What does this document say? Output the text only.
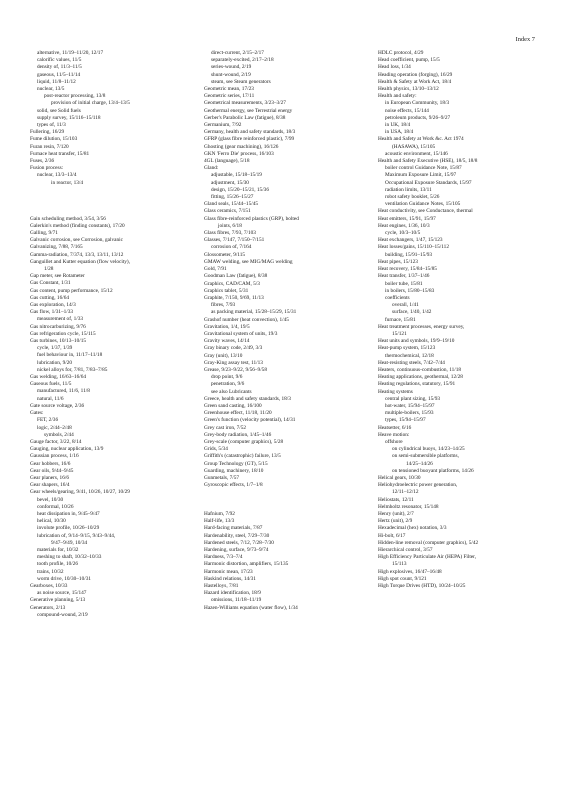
Index 7
alternative, 11/19–11/20, 12/17
calorific values, 11/5
density of, 11/3–11/5
gaseous, 11/5–11/14
liquid, 11/8–11/12
nuclear, 13/5
post-reactor processing, 13/8
provision of initial charge, 13/4–13/5
solid, see Solid fuels
supply survey, 15/116–15/118
types of, 11/3
Fullering, 16/29
Fume dilution, 15/103
Furan resin, 7/120
Furnace heat transfer, 15/81
Fuses, 2/36
Fusion process:
nuclear, 13/3–13/4
in reactor, 13/4
Gain scheduling method, 3/54, 3/56
Galerkin's method (finding constants), 17/20
Galling, 9/71
Galvanic corrosion, see Corrosion, galvanic
Galvanizing, 7/88, 7/165
Gamma-radiation, 7/374, 13/3, 13/11, 13/12
Ganguillet and Kutter equation (flow velocity),
1/28
Gap meter, see Rotameter
Gas Constant, 1/31
Gas content, pump performance, 15/12
Gas cutting, 16/64
Gas exploration, 14/3
Gas flow, 1/31–1/33
measurement of, 1/33
Gas nitrocarburizing, 9/76
Gas refrigeration cycle, 15/115
Gas turbines, 10/13–10/15
cycle, 1/37, 1/39
fuel behaviour in, 11/17–11/18
lubrication, 9/20
nickel alloys for, 7/81, 7/83–7/85
Gas welding, 16/63–16/64
Gaseous fuels, 11/5
manufactured, 11/6, 11/8
natural, 11/6
Gate source voltage, 2/36
Gates:
FET, 2/36
logic, 2/44–2/48
symbols, 2/44
Gauge factor, 3/22, 8/14
Gauging, nuclear application, 13/9
Gaussian process, 1/16
Gear hobbers, 16/6
Gear oils, 9/44–9/45
Gear planers, 16/6
Gear shapers, 16/4
Gear wheels/gearing, 9/41, 10/26, 10/27, 10/29
bevel, 10/30
conformal, 10/26
heat dissipation in, 9/45–9/47
helical, 10/30
involute profile, 10/26–10/29
lubrication of, 9/14–9/15, 9/43–9/44,
9/47–9/49, 10/34
materials for, 10/32
meshing to shaft, 10/32–10/33
tooth profile, 10/26
trains, 10/32
worm drive, 10/30–10/31
Gearboxes, 10/33
as noise source, 15/147
Generative planning, 5/13
Generators, 2/13
compound-wound, 2/19
direct-current, 2/15–2/17
separately-excited, 2/17–2/18
series-wound, 2/19
shunt-wound, 2/19
steam, see Steam generators
Geometric mean, 17/23
Geometric series, 17/11
Geometrical measurements, 3/23–3/27
Geothermal energy, see Terrestrial energy
Gerber's Parabolic Law (fatigue), 8/38
Germanium, 7/92
Germany, health and safety standards, 18/3
GFRP (glass fibre reinforced plastic), 7/99
Ghosting (gear machining), 16/126
GKN 'Ferro Die' process, 16/103
4GL (language), 5/18
Gland:
adjustable, 15/18–15/19
adjustment, 15/30
design, 15/20–15/21, 15/36
fitting, 15/26–15/27
Gland seals, 15/44–15/45
Glass ceramics, 7/151
Glass fibre-reinforced plastics (GRP), bolted
joints, 6/18
Glass fibres, 7/93, 7/103
Glasses, 7/147, 7/150–7/151
corrosion of, 7/164
Glossometer, 9/115
GMAW welding, see MIG/MAG welding
Gold, 7/91
Goodman Law (fatigue), 8/38
Graphics, CAD/CAM, 5/3
Graphics tablet, 5/31
Graphite, 7/150, 9/69, 11/13
fibres, 7/93
as packing material, 15/28–15/29, 15/31
Grashof number (heat convection), 1/45
Gravitation, 1/4, 19/5
Gravitational system of units, 19/3
Gravity waves, 14/14
Gray binary code, 2/49, 3/3
Gray (unit), 13/10
Gray-King assay test, 11/13
Grease, 9/23–9/22, 9/56–9/58
drop point, 9/6
penetration, 9/6
see also Lubricants
Greece, health and safety standards, 18/3
Green sand casting, 16/100
Greenhouse effect, 11/18, 11/20
Green's function (velocity potential), 14/31
Grey cast iron, 7/52
Grey-body radiation, 1/45–1/46
Grey-scale (computer graphics), 5/28
Grids, 5/34
Griffith's (catastrophic) failure, 13/5
Group Technology (GT), 5/15
Guarding, machinery, 18/10
Gunmetals, 7/57
Gyroscopic effects, 1/7–1/8
Hafnium, 7/92
Half-life, 13/3
Hard-facing materials, 7/87
Hardenability, steel, 7/29–7/30
Hardened steels, 7/12, 7/28–7/30
Hardening, surface, 9/73–9/74
Hardness, 7/3–7/4
Harmonic distortion, amplifiers, 15/135
Harmonic mean, 17/23
Haskind relations, 14/31
Hastelloys, 7/81
Hazard identification, 18/9
omissions, 11/18–11/19
Hazen-Williams equation (water flow), 1/34
HDLC protocol, 4/29
Head coefficient, pump, 15/5
Head loss, 1/34
Heading operation (forging), 16/29
Health & Safety at Work Act, 18/4
Health physics, 13/10–13/12
Health and safety:
in European Community, 18/3
noise effects, 15/144
petroleum products, 9/26–9/27
in UK, 18/4
in USA, 18/4
Health and Safety at Work &c. Act 1974
(HASAWA), 15/105
acoustic environment, 15/146
Health and Safety Executive (HSE), 18/5, 18/8
boiler control Guidance Note, 15/87
Maximum Exposure Limit, 15/97
Occupational Exposure Standards, 15/97
radiation limits, 13/11
robot safety booklet, 5/26
ventilation Guidance Notes, 15/105
Heat conductivity, see Conductance, thermal
Heat emitters, 15/91, 15/97
Heat engines, 1/36, 10/3
cycle, 10/3–10/5
Heat exchangers, 1/47, 15/123
Heat losses/gains, 15/110–15/112
building, 15/91–15/93
Heat pipes, 15/123
Heat recovery, 15/84–15/85
Heat transfer, 1/37–1/46
boiler tube, 15/81
in boilers, 15/80–15/83
coefficients
overall, 1/41
surface, 1/40, 1/42
furnace, 15/81
Heat treatment processes, energy survey,
15/121
Heat units and symbols, 19/9–19/10
Heat-pump system, 15/123
thermochemical, 12/18
Heat-resisting steels, 7/42–7/44
Heaters, continuous-combustion, 11/18
Heating applications, geothermal, 12/28
Heating regulations, statutory, 15/91
Heating systems
central plant sizing, 15/93
hot-water, 15/94–15/97
multiple-boilers, 15/93
types, 15/94–15/97
Heatsetter, 6/16
Heave motion:
offshore
on cylindrical buoys, 14/23–14/25
on semi-submersible platforms,
14/25–14/26
on tensioned buoyant platforms, 14/26
Helical gears, 10/30
Heliohydroelectric power generation,
12/11–12/12
Heliostats, 12/11
Helmholtz resonator, 15/148
Henry (unit), 2/7
Hertz (unit), 2/9
Hexadecimal (hex) notation, 3/3
Hi-bolt, 6/17
Hidden-line removal (computer graphics), 5/42
Hierarchical control, 3/57
High Efficiency Particulate Air (HEPA) Filter,
15/113
High explosives, 16/47–16/48
High spot count, 9/121
High Torque Drives (HTD), 10/24–10/25
